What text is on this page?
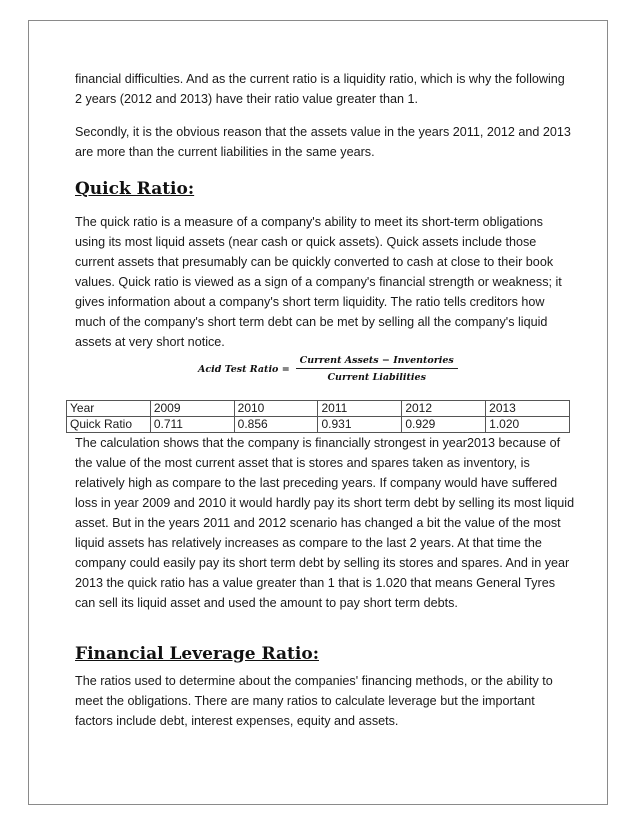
financial difficulties. And as the current ratio is a liquidity ratio, which is why the following 2 years (2012 and 2013) have their ratio value greater than 1.

Secondly, it is the obvious reason that the assets value in the years 2011, 2012 and 2013 are more than the current liabilities in the same years.

Quick Ratio:

The quick ratio is a measure of a company's ability to meet its short-term obligations using its most liquid assets (near cash or quick assets). Quick assets include those current assets that presumably can be quickly converted to cash at close to their book values. Quick ratio is viewed as a sign of a company's financial strength or weakness; it gives information about a company's short term liquidity. The ratio tells creditors how much of the company's short term debt can be met by selling all the company's liquid assets at very short notice.

Acid Test Ratio = $\frac{\text{Current Assets − Inventories}}{\text{Current Liabilities}}$
Year	2009	2010	2011	2012	2013
Quick Ratio	0.711	0.856	0.931	0.929	1.020

The calculation shows that the company is financially strongest in year2013 because of the value of the most current asset that is stores and spares taken as inventory, is relatively high as compare to the last preceding years. If company would have suffered loss in year 2009 and 2010 it would hardly pay its short term debt by selling its most liquid asset. But in the years 2011 and 2012 scenario has changed a bit the value of the most liquid assets has relatively increases as compare to the last 2 years. At that time the company could easily pay its short term debt by selling its stores and spares. And in year 2013 the quick ratio has a value greater than 1 that is 1.020 that means General Tyres can sell its liquid asset and used the amount to pay short term debts.

Financial Leverage Ratio:

The ratios used to determine about the companies' financing methods, or the ability to meet the obligations. There are many ratios to calculate leverage but the important factors include debt, interest expenses, equity and assets.
